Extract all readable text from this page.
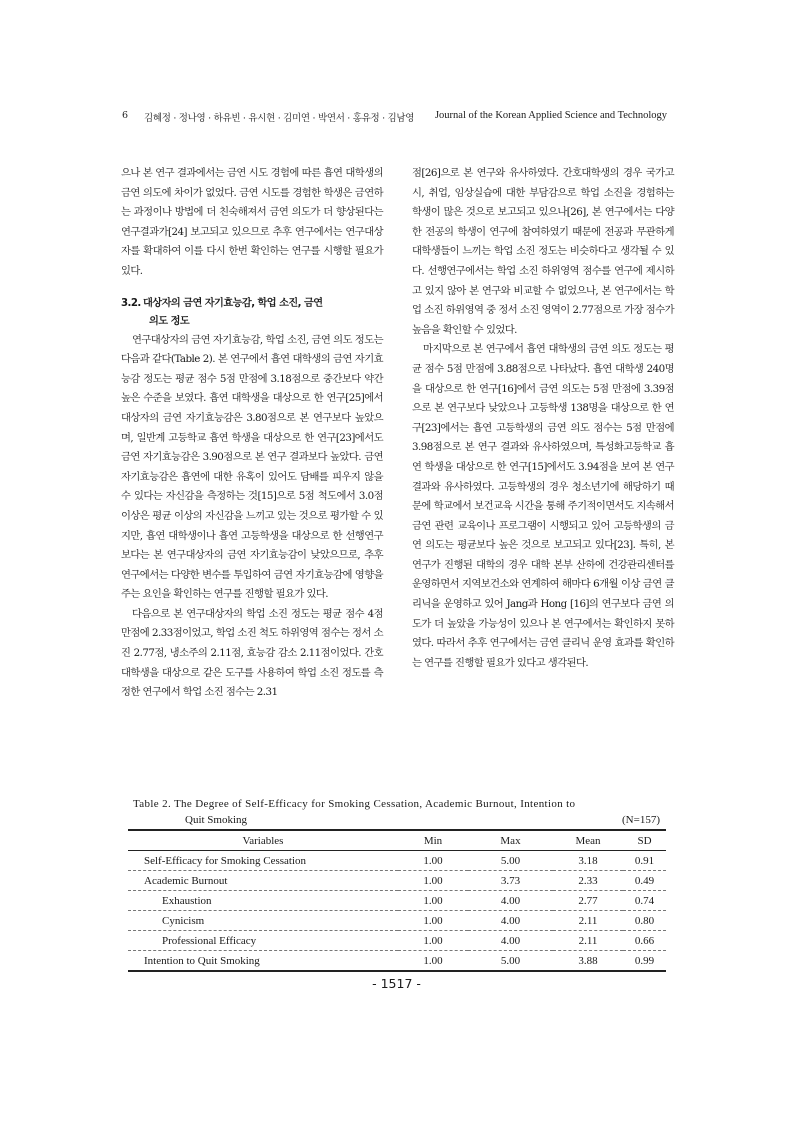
6 김혜정 · 정나영 · 하유빈 · 유시현 · 김미연 · 박연서 · 홍유정 · 김남영 Journal of the Korean Applied Science and Technology

으나 본 연구 결과에서는 금연 시도 경험에 따른 흡연 대학생의 금연 의도에 차이가 없었다. 금연 시도를 경험한 학생은 금연하는 과정이나 방법에 더 친숙해져서 금연 의도가 더 향상된다는 연구결과가[24] 보고되고 있으므로 추후 연구에서는 연구대상자를 확대하여 이를 다시 한번 확인하는 연구를 시행할 필요가 있다.

3.2. 대상자의 금연 자기효능감, 학업 소진, 금연
의도 정도

연구대상자의 금연 자기효능감, 학업 소진, 금연 의도 정도는 다음과 같다(Table 2). 본 연구에서 흡연 대학생의 금연 자기효능감 정도는 평균 점수 5점 만점에 3.18점으로 중간보다 약간 높은 수준을 보였다. 흡연 대학생을 대상으로 한 연구[25]에서 대상자의 금연 자기효능감은 3.80점으로 본 연구보다 높았으며, 일반계 고등학교 흡연 학생을 대상으로 한 연구[23]에서도 금연 자기효능감은 3.90점으로 본 연구 결과보다 높았다. 금연 자기효능감은 흡연에 대한 유혹이 있어도 담배를 피우지 않을 수 있다는 자신감을 측정하는 것[15]으로 5점 척도에서 3.0점 이상은 평균 이상의 자신감을 느끼고 있는 것으로 평가할 수 있지만, 흡연 대학생이나 흡연 고등학생을 대상으로 한 선행연구보다는 본 연구대상자의 금연 자기효능감이 낮았으므로, 추후 연구에서는 다양한 변수를 투입하여 금연 자기효능감에 영향을 주는 요인을 확인하는 연구를 진행할 필요가 있다.

다음으로 본 연구대상자의 학업 소진 정도는 평균 점수 4점 만점에 2.33점이었고, 학업 소진 척도 하위영역 점수는 정서 소진 2.77점, 냉소주의 2.11점, 효능감 감소 2.11점이었다. 간호대학생을 대상으로 같은 도구를 사용하여 학업 소진 정도를 측정한 연구에서 학업 소진 점수는 2.31

점[26]으로 본 연구와 유사하였다. 간호대학생의 경우 국가고시, 취업, 임상실습에 대한 부담감으로 학업 소진을 경험하는 학생이 많은 것으로 보고되고 있으나[26], 본 연구에서는 다양한 전공의 학생이 연구에 참여하였기 때문에 전공과 무관하게 대학생들이 느끼는 학업 소진 정도는 비슷하다고 생각될 수 있다. 선행연구에서는 학업 소진 하위영역 점수를 연구에 제시하고 있지 않아 본 연구와 비교할 수 없었으나, 본 연구에서는 학업 소진 하위영역 중 정서 소진 영역이 2.77점으로 가장 점수가 높음을 확인할 수 있었다.

마지막으로 본 연구에서 흡연 대학생의 금연 의도 정도는 평균 점수 5점 만점에 3.88점으로 나타났다. 흡연 대학생 240명을 대상으로 한 연구[16]에서 금연 의도는 5점 만점에 3.39점으로 본 연구보다 낮았으나 고등학생 138명을 대상으로 한 연구[23]에서는 흡연 고등학생의 금연 의도 점수는 5점 만점에 3.98점으로 본 연구 결과와 유사하였으며, 특성화고등학교 흡연 학생을 대상으로 한 연구[15]에서도 3.94점을 보여 본 연구 결과와 유사하였다. 고등학생의 경우 청소년기에 해당하기 때문에 학교에서 보건교육 시간을 통해 주기적이면서도 지속해서 금연 관련 교육이나 프로그램이 시행되고 있어 고등학생의 금연 의도는 평균보다 높은 것으로 보고되고 있다[23]. 특히, 본 연구가 진행된 대학의 경우 대학 본부 산하에 건강관리센터를 운영하면서 지역보건소와 연계하여 해마다 6개월 이상 금연 클리닉을 운영하고 있어 Jang과 Hong [16]의 연구보다 금연 의도가 더 높았을 가능성이 있으나 본 연구에서는 확인하지 못하였다. 따라서 추후 연구에서는 금연 클리닉 운영 효과를 확인하는 연구를 진행할 필요가 있다고 생각된다.

Table 2. The Degree of Self-Efficacy for Smoking Cessation, Academic Burnout, Intention to
Quit Smoking	(N=157)
Variables	Min	Max	Mean	SD
Self-Efficacy for Smoking Cessation	1.00	5.00	3.18	0.91
Academic Burnout	1.00	3.73	2.33	0.49
Exhaustion	1.00	4.00	2.77	0.74
Cynicism	1.00	4.00	2.11	0.80
Professional Efficacy	1.00	4.00	2.11	0.66
Intention to Quit Smoking	1.00	5.00	3.88	0.99
- 1517 -
